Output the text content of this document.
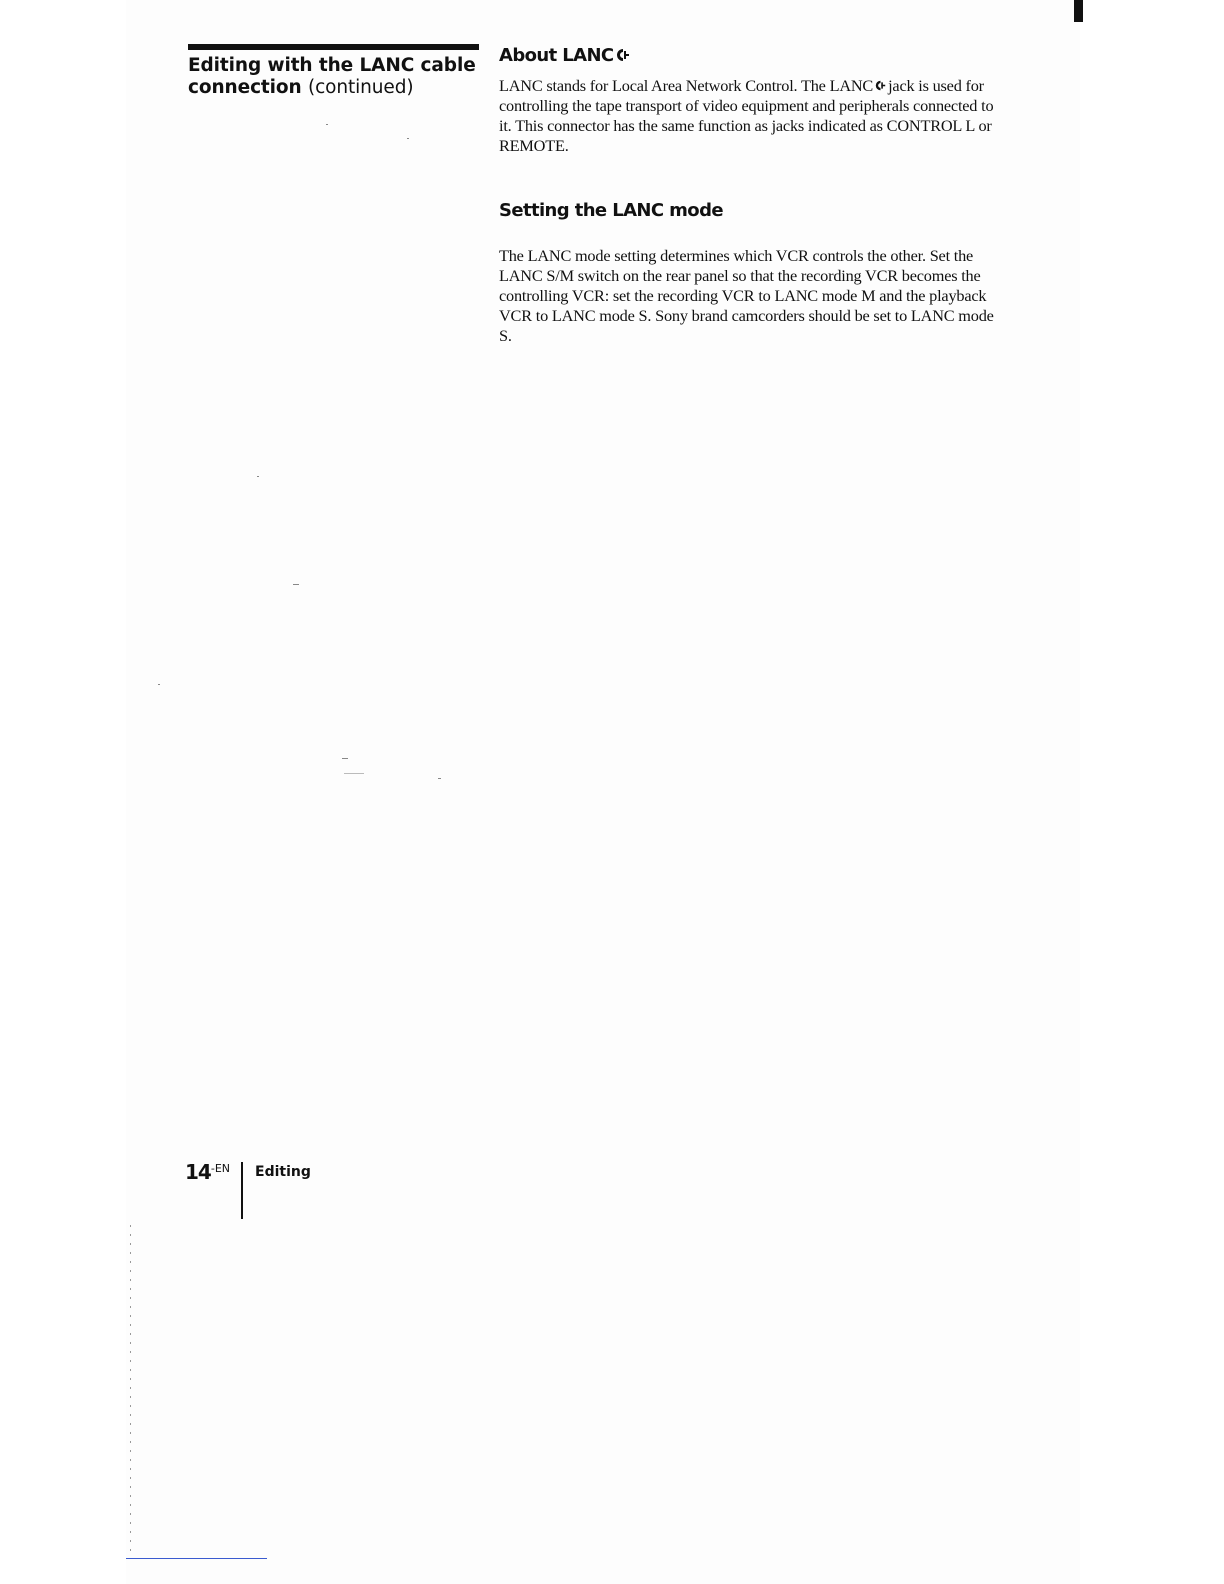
Editing with the LANC cable connection (continued)
About LANC

LANC stands for Local Area Network Control. The LANC jack is used for controlling the tape transport of video equipment and peripherals connected to it. This connector has the same function as jacks indicated as CONTROL L or REMOTE.

Setting the LANC mode

The LANC mode setting determines which VCR controls the other. Set the LANC S/M switch on the rear panel so that the recording VCR becomes the controlling VCR: set the recording VCR to LANC mode M and the playback VCR to LANC mode S. Sony brand camcorders should be set to LANC mode S.

$14^{-EN}$ Editing
